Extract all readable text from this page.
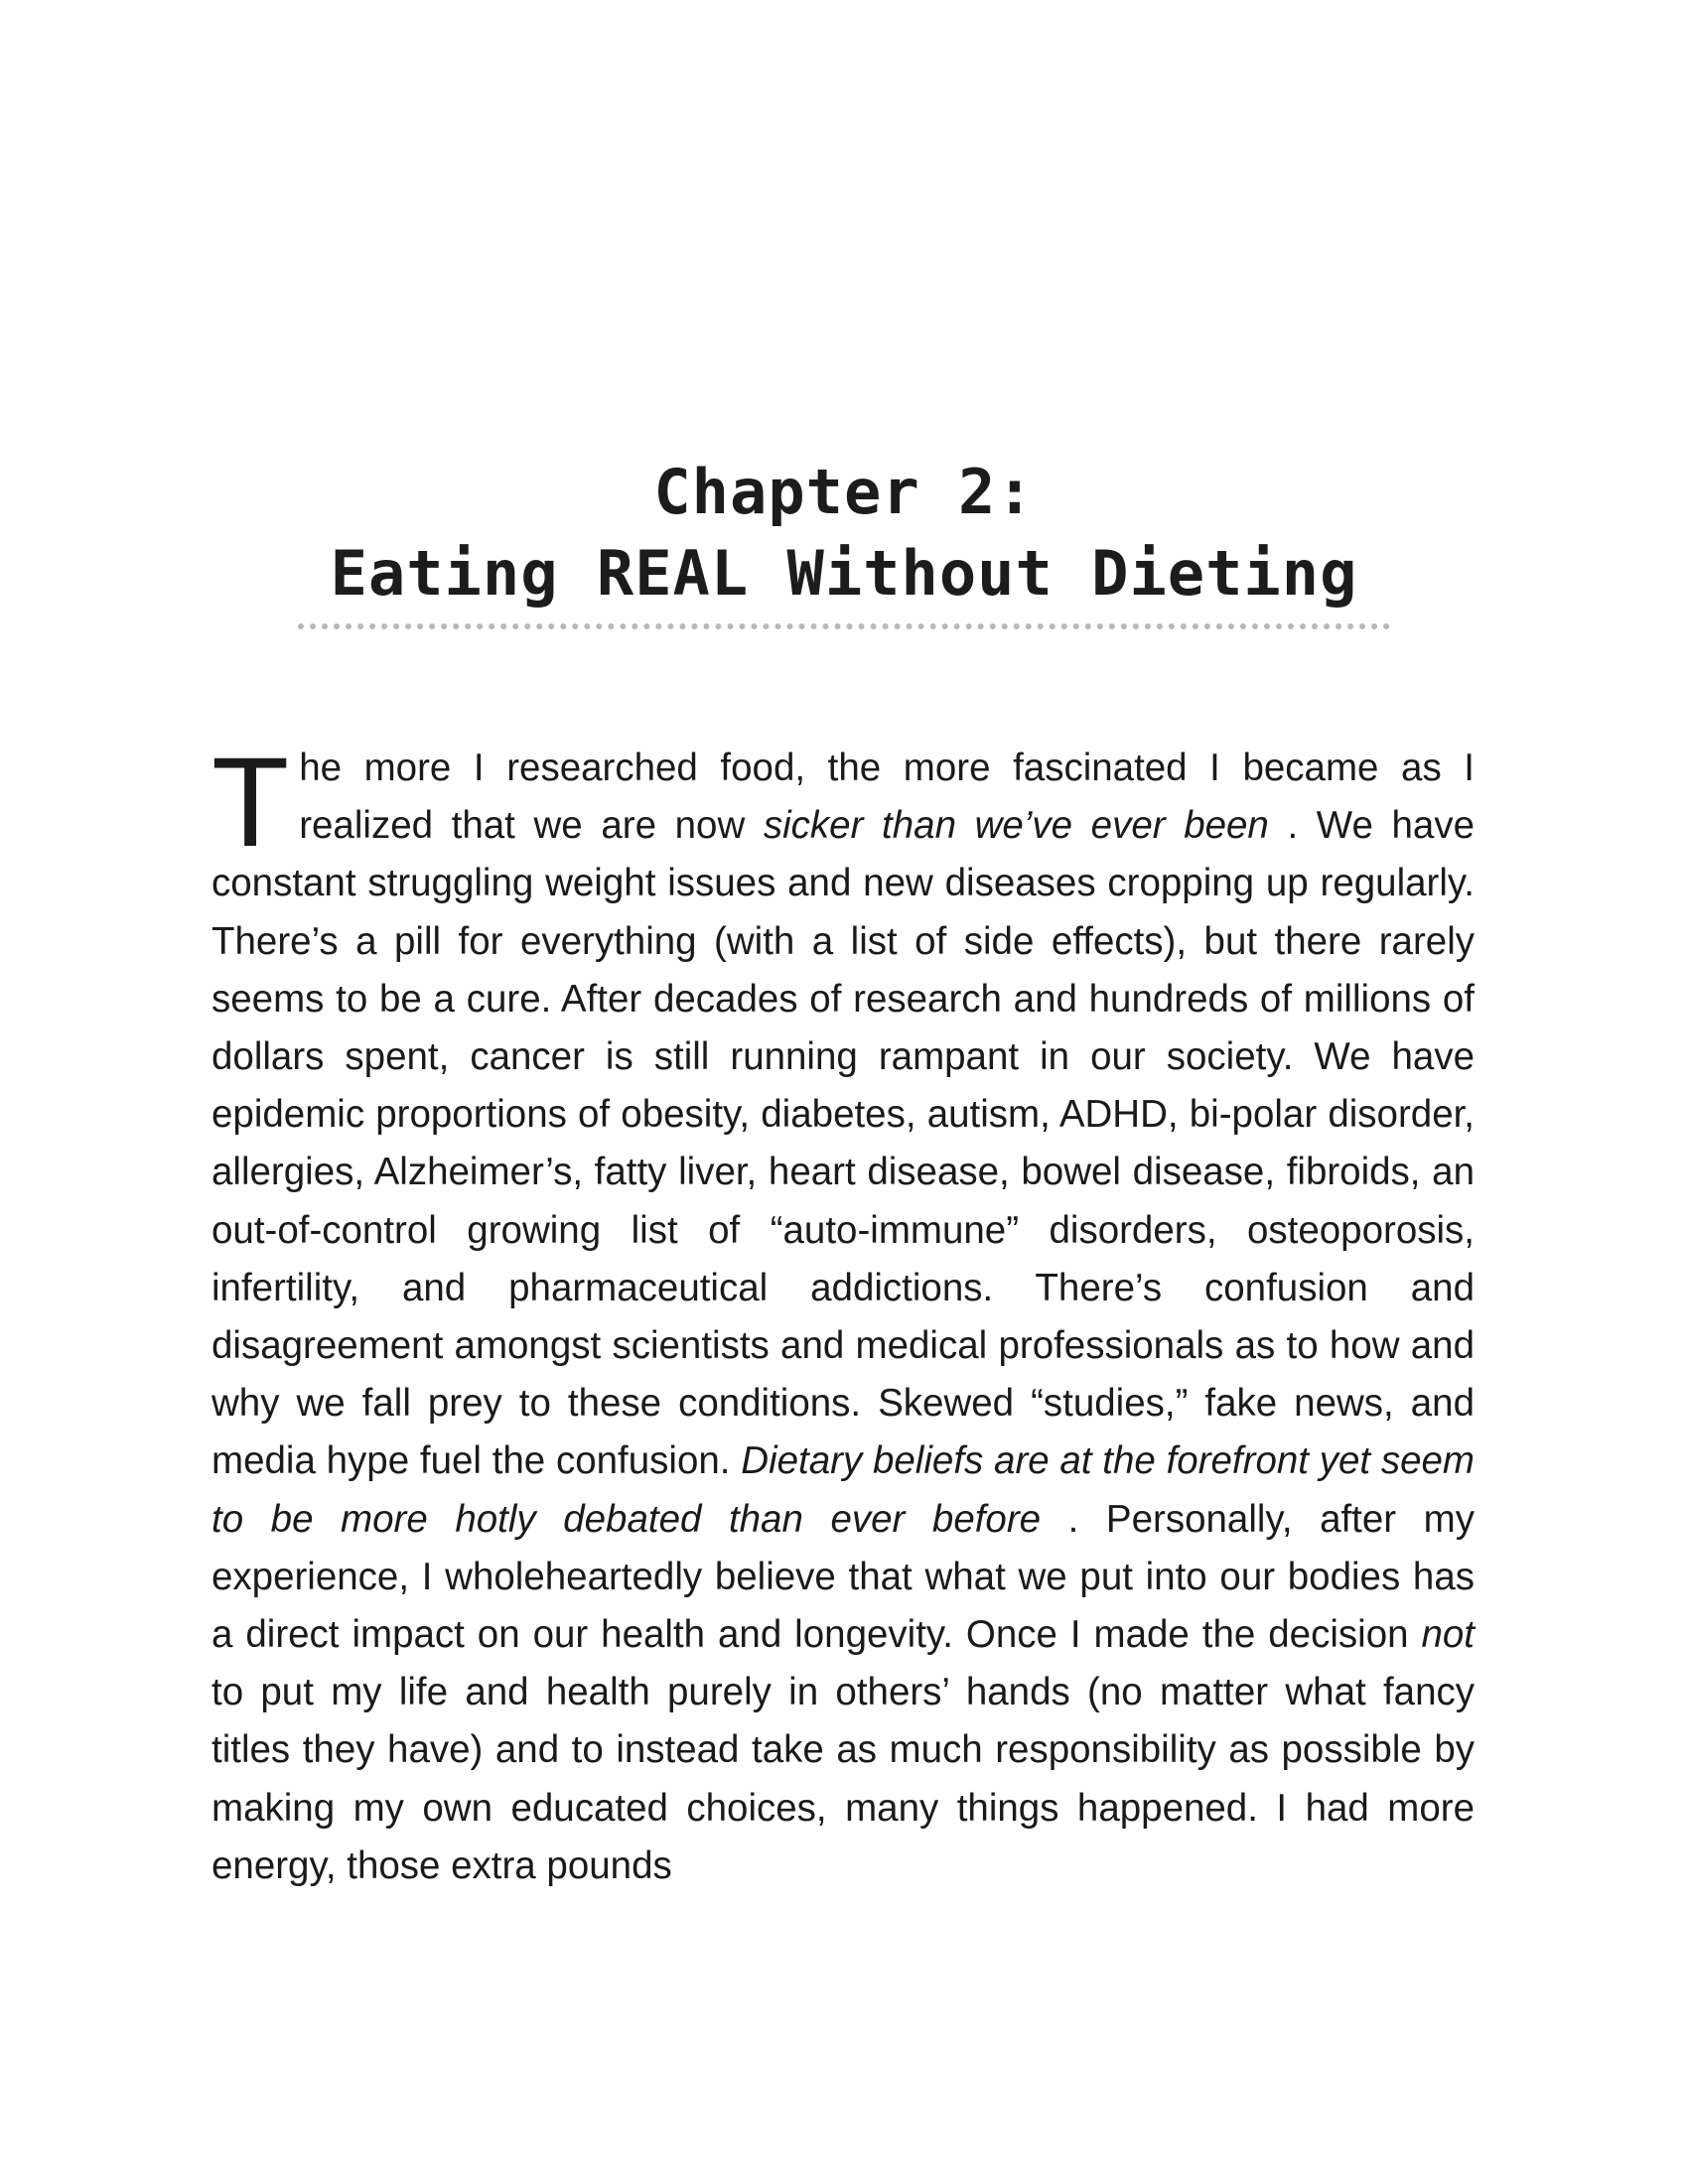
Chapter 2:
Eating REAL Without Dieting
T he more I researched food, the more fascinated I became as I realized that we are now sicker than we’ve ever been . We have constant struggling weight issues and new diseases cropping up regularly. There’s a pill for everything (with a list of side effects), but there rarely seems to be a cure. After decades of research and hundreds of millions of dollars spent, cancer is still running rampant in our society. We have epidemic proportions of obesity, diabetes, autism, ADHD, bi-polar disorder, allergies, Alzheimer’s, fatty liver, heart disease, bowel disease, fibroids, an out-of-control growing list of “auto-immune” disorders, osteoporosis, infertility, and pharmaceutical addictions. There’s confusion and disagreement amongst scientists and medical professionals as to how and why we fall prey to these conditions. Skewed “studies,” fake news, and media hype fuel the confusion. Dietary beliefs are at the forefront yet seem to be more hotly debated than ever before . Personally, after my experience, I wholeheartedly believe that what we put into our bodies has a direct impact on our health and longevity. Once I made the decision not to put my life and health purely in others’ hands (no matter what fancy titles they have) and to instead take as much responsibility as possible by making my own educated choices, many things happened. I had more energy, those extra pounds
